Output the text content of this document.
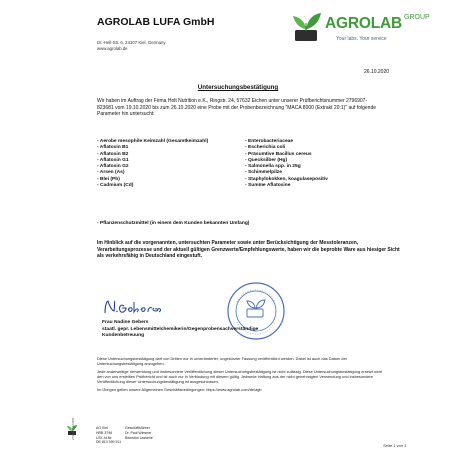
AGROLAB LUFA GmbH
Dr.-Hell-Str. 6, 24107 Kiel, Germany
www.agrolab.de
AGROLAB GROUP
Your labs. Your service
26.10.2020
Untersuchungsbestätigung
Wir haben im Auftrag der Firma Holt Nutrition e.K., Ringstr. 24, 57632 Eichen unter unserer Prüfberichtsnummer 2796907-823681 vom 19.10.2020 bis zum 26.10.2020 eine Probe mit der Probenbezeichnung "MACA 8000 (Extrakt 20:1)" auf folgende Parameter hin untersucht:
- Aerobe mesophile Keimzahl (Gesamtkeimzahl)
- Aflatoxin B1
- Aflatoxin B2
- Aflatoxin G1
- Aflatoxin G2
- Arsen (As)
- Blei (Pb)
- Cadmium (Cd)
- Enterobacteriaceae
- Escherichia coli
- Präsumtive Bacillus cereus
- Quecksilber (Hg)
- Salmonella spp. in 25g
- Schimmelpilze
- Staphylokokken, koagulasepositiv
- Summe Aflatoxine
- Pflanzenschutzmittel (in einem dem Kunden bekannten Umfang)
Im Hinblick auf die vorgenannten, untersuchten Parameter sowie unter Berücksichtigung der Messtoleranzen, Verarbeitungsprozesse und der aktuell gültigen Grenzwerte/Empfehlungswerte, haben wir die beprobte Ware aus hiesiger Sicht als verkehrsfähig in Deutschland eingestuft.
Frau Nadine Gebers
staatl. gepr. Lebensmittelchemikerin/Gegenprobensachverständige
Kundenbetreuung

Diese Untersuchungsbestätigung darf von Dritten nur in unveränderter, ungekürzter Fassung veröffentlicht werden. Dabei ist auch das Datum der Untersuchungsbestätigung anzugeben.

Jede anderweitige Verwendung und insbesondere Veröffentlichung dieser Untersuchungsbestätigung ist nicht zulässig. Diese Untersuchungsbestätigung ersetzt nicht den von uns erstellten Prüfbericht und ist auch nur in Verbindung mit diesem gültig. Jedwede Haftung aus der nicht genehmigten Verwendung und insbesondere Veröffentlichung dieser Untersuchungsbestätigung ist ausgeschlossen.

Im Übrigen gelten unsere Allgemeinen Geschäftsbedingungen: https://www.agrolab.com/de/agb

AG Kiel
HRB 3796
USt.-Id.Nr.
DE 813 399 511
Geschäftsführer
Dr. Paul Wimmer
Benedict Lassene
2796907-823681
Seite 1 von 1
